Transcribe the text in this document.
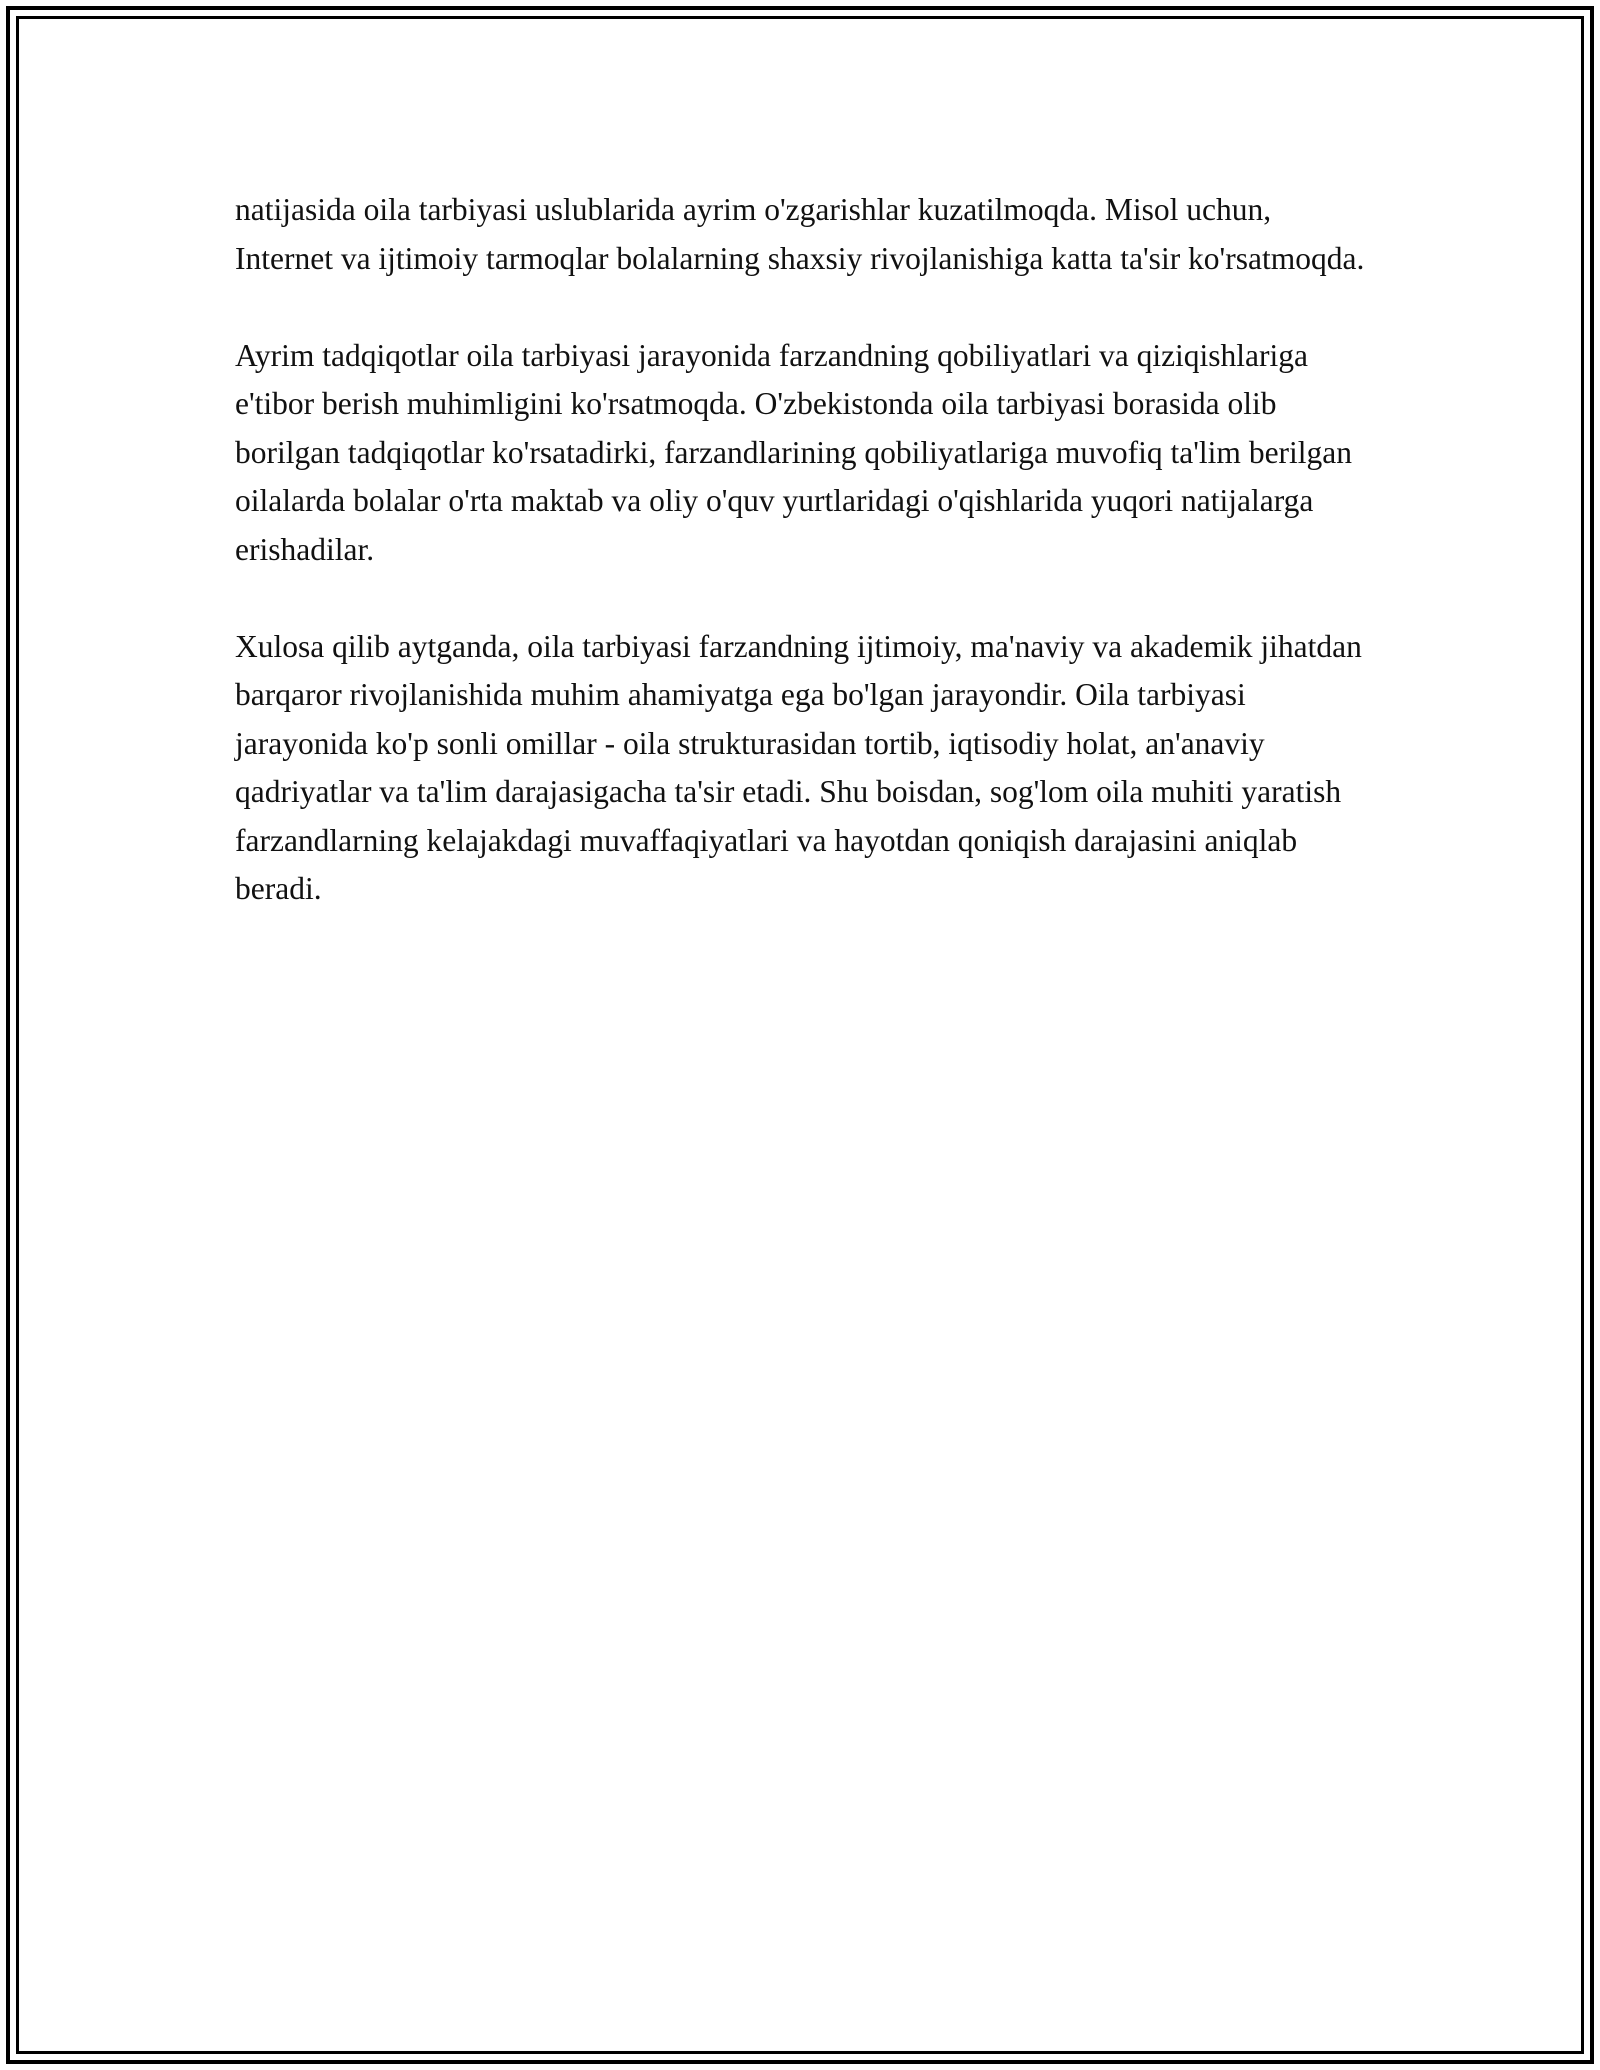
natijasida oila tarbiyasi uslublarida ayrim o'zgarishlar kuzatilmoqda. Misol uchun, Internet va ijtimoiy tarmoqlar bolalarning shaxsiy rivojlanishiga katta ta'sir ko'rsatmoqda.

Ayrim tadqiqotlar oila tarbiyasi jarayonida farzandning qobiliyatlari va qiziqishlariga e'tibor berish muhimligini ko'rsatmoqda. O'zbekistonda oila tarbiyasi borasida olib borilgan tadqiqotlar ko'rsatadirki, farzandlarining qobiliyatlariga muvofiq ta'lim berilgan oilalarda bolalar o'rta maktab va oliy o'quv yurtlaridagi o'qishlarida yuqori natijalarga erishadilar.

Xulosa qilib aytganda, oila tarbiyasi farzandning ijtimoiy, ma'naviy va akademik jihatdan barqaror rivojlanishida muhim ahamiyatga ega bo'lgan jarayondir. Oila tarbiyasi jarayonida ko'p sonli omillar - oila strukturasidan tortib, iqtisodiy holat, an'anaviy qadriyatlar va ta'lim darajasigacha ta'sir etadi. Shu boisdan, sog'lom oila muhiti yaratish farzandlarning kelajakdagi muvaffaqiyatlari va hayotdan qoniqish darajasini aniqlab beradi.
